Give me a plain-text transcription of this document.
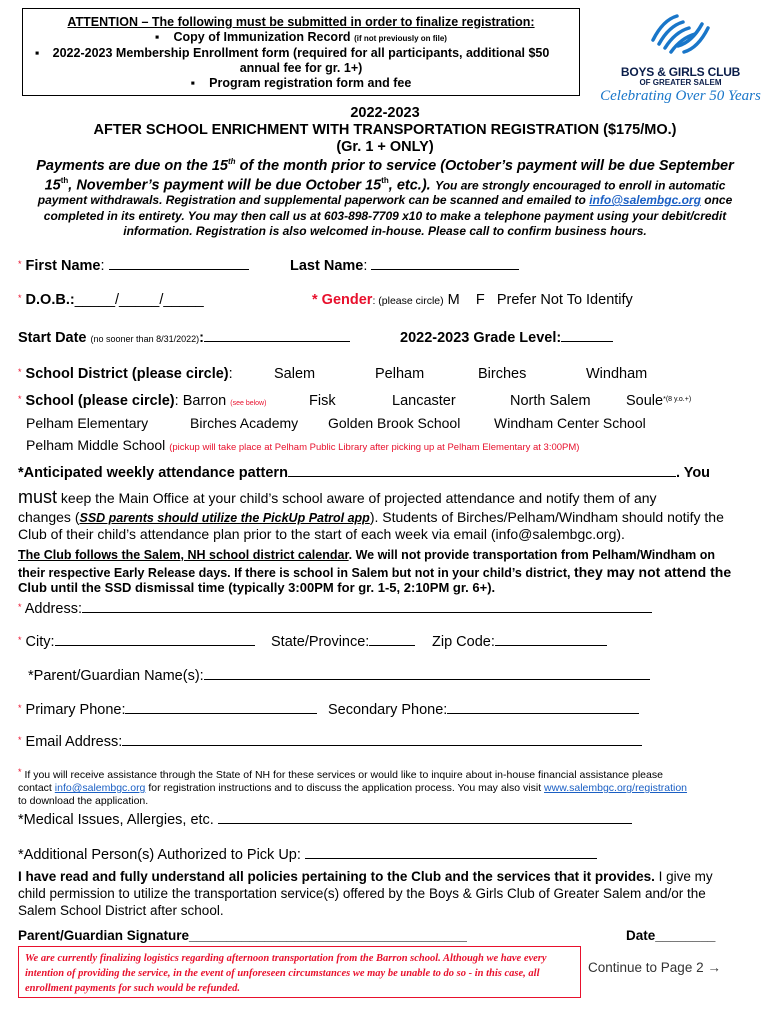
ATTENTION – The following must be submitted in order to finalize registration:
▪ Copy of Immunization Record (if not previously on file)
▪ 2022-2023 Membership Enrollment form (required for all participants, additional $50
annual fee for gr. 1+)
▪ Program registration form and fee
BOYS & GIRLS CLUB
OF GREATER SALEM
Celebrating Over 50 Years
2022-2023
AFTER SCHOOL ENRICHMENT WITH TRANSPORTATION REGISTRATION ($175/MO.)
(Gr. 1 + ONLY)
Payments are due on the 15th of the month prior to service (October’s payment will be due September
15th, November’s payment will be due October 15th, etc.). You are strongly encouraged to enroll in automatic
payment withdrawals. Registration and supplemental paperwork can be scanned and emailed to info@salembgc.org once
completed in its entirety. You may then call us at 603-898-7709 x10 to make a telephone payment using your debit/credit
information. Registration is also welcomed in-house. Please call to confirm business hours.
* First Name:	Last Name:
* D.O.B.:_____/_____/_____	* Gender: (please circle) M F Prefer Not To Identify
Start Date (no sooner than 8/31/2022):	2022-2023 Grade Level:
* School District (please circle):	Salem	Pelham	Birches	Windham
* School (please circle): Barron (see below)	Fisk	Lancaster	North Salem Soule$^{*(8 y.o.+)}$
Pelham Elementary	Birches Academy Golden Brook School Windham Center School
Pelham Middle School (pickup will take place at Pelham Public Library after picking up at Pelham Elementary at 3:00PM)
*Anticipated weekly attendance pattern	. You
must keep the Main Office at your child’s school aware of projected attendance and notify them of any
changes (SSD parents should utilize the PickUp Patrol app). Students of Birches/Pelham/Windham should notify the
Club of their child’s attendance plan prior to the start of each week via email (info@salembgc.org).
The Club follows the Salem, NH school district calendar. We will not provide transportation from Pelham/Windham on
their respective Early Release days. If there is school in Salem but not in your child’s district, they may not attend the
Club until the SSD dismissal time (typically 3:00PM for gr. 1-5, 2:10PM gr. 6+).
* Address:
* City:	State/Province:	Zip Code:
*Parent/Guardian Name(s):
* Primary Phone:	Secondary Phone:
* Email Address:
* If you will receive assistance through the State of NH for these services or would like to inquire about in-house financial assistance please
contact info@salembgc.org for registration instructions and to discuss the application process. You may also visit www.salembgc.org/registration
to download the application.
*Medical Issues, Allergies, etc.
*Additional Person(s) Authorized to Pick Up:
I have read and fully understand all policies pertaining to the Club and the services that it provides. I give my
child permission to utilize the transportation service(s) offered by the Boys & Girls Club of Greater Salem and/or the
Salem School District after school.
Parent/Guardian Signature_____________________________________	Date________
We are currently finalizing logistics regarding afternoon transportation from the Barron school. Although we have every intention of providing the service, in the event of unforeseen circumstances we may be unable to do so - in this case, all enrollment payments for such would be refunded.
Continue to Page 2 →
